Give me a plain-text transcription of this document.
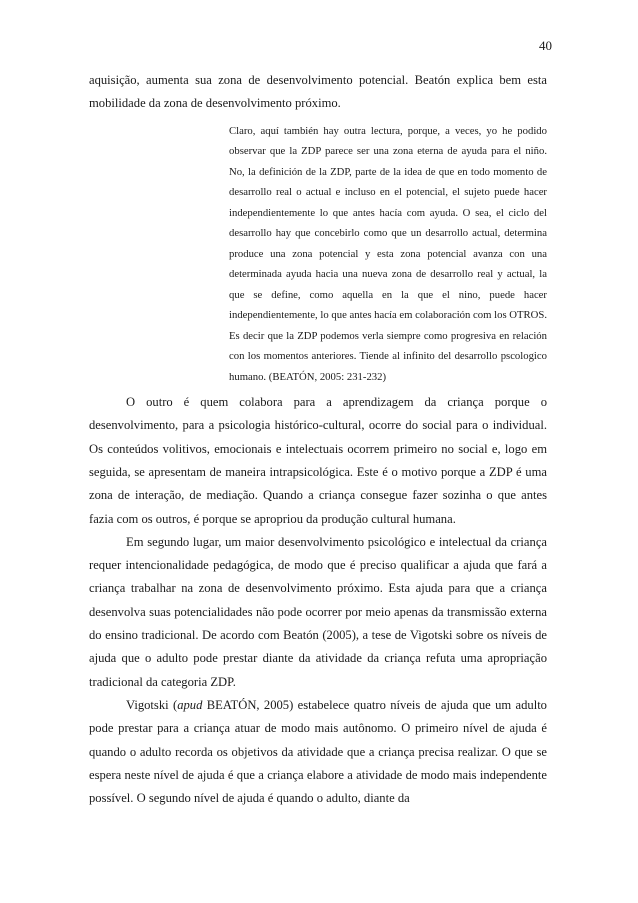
40

aquisição, aumenta sua zona de desenvolvimento potencial. Beatón explica bem esta mobilidade da zona de desenvolvimento próximo.

Claro, aquí también hay outra lectura, porque, a veces, yo he podido observar que la ZDP parece ser una zona eterna de ayuda para el niño. No, la definición de la ZDP, parte de la idea de que en todo momento de desarrollo real o actual e incluso en el potencial, el sujeto puede hacer independientemente lo que antes hacía com ayuda. O sea, el ciclo del desarrollo hay que concebirlo como que un desarrollo actual, determina produce una zona potencial y esta zona potencial avanza con una determinada ayuda hacia una nueva zona de desarrollo real y actual, la que se define, como aquella en la que el nino, puede hacer independientemente, lo que antes hacía em colaboración com los OTROS. Es decir que la ZDP podemos verla siempre como progresiva en relación con los momentos anteriores. Tiende al infinito del desarrollo pscologico humano. (BEATÓN, 2005: 231-232)

O outro é quem colabora para a aprendizagem da criança porque o desenvolvimento, para a psicologia histórico-cultural, ocorre do social para o individual. Os conteúdos volitivos, emocionais e intelectuais ocorrem primeiro no social e, logo em seguida, se apresentam de maneira intrapsicológica. Este é o motivo porque a ZDP é uma zona de interação, de mediação. Quando a criança consegue fazer sozinha o que antes fazia com os outros, é porque se apropriou da produção cultural humana.

Em segundo lugar, um maior desenvolvimento psicológico e intelectual da criança requer intencionalidade pedagógica, de modo que é preciso qualificar a ajuda que fará a criança trabalhar na zona de desenvolvimento próximo. Esta ajuda para que a criança desenvolva suas potencialidades não pode ocorrer por meio apenas da transmissão externa do ensino tradicional. De acordo com Beatón (2005), a tese de Vigotski sobre os níveis de ajuda que o adulto pode prestar diante da atividade da criança refuta uma apropriação tradicional da categoria ZDP.

Vigotski (apud BEATÓN, 2005) estabelece quatro níveis de ajuda que um adulto pode prestar para a criança atuar de modo mais autônomo. O primeiro nível de ajuda é quando o adulto recorda os objetivos da atividade que a criança precisa realizar. O que se espera neste nível de ajuda é que a criança elabore a atividade de modo mais independente possível. O segundo nível de ajuda é quando o adulto, diante da
